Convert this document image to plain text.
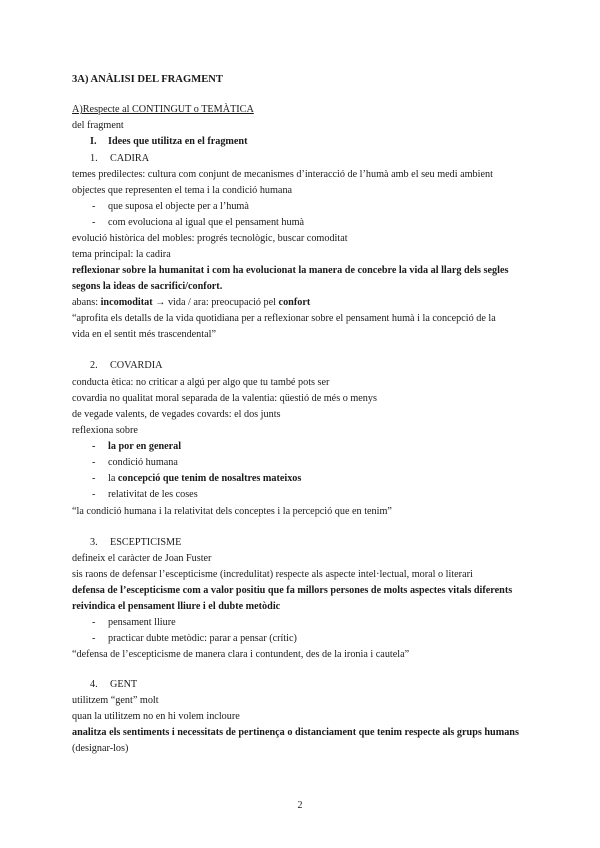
3A) ANÀLISI DEL FRAGMENT
A)Respecte al CONTINGUT o TEMÀTICA
del fragment
I. Idees que utilitza en el fragment
1. CADIRA
temes predilectes: cultura com conjunt de mecanismes d’interacció de l’humà amb el seu medi ambient
objectes que representen el tema i la condició humana
- que suposa el objecte per a l’humà
- com evoluciona al igual que el pensament humà
evolució històrica del mobles: progrés tecnològic, buscar comoditat
tema principal: la cadira
reflexionar sobre la humanitat i com ha evolucionat la manera de concebre la vida al llarg dels segles
segons la ideas de sacrifici/confort.
abans: incomoditat → vida / ara: preocupació pel confort
“aprofita els detalls de la vida quotidiana per a reflexionar sobre el pensament humà i la concepció de la
vida en el sentit més trascendental”
2. COVARDIA
conducta ètica: no criticar a algú per algo que tu també pots ser
covardia no qualitat moral separada de la valentia: qüestió de més o menys
de vegade valents, de vegades covards: el dos junts
reflexiona sobre
- la por en general
- condició humana
- la concepció que tenim de nosaltres mateixos
- relativitat de les coses
“la condició humana i la relativitat dels conceptes i la percepció que en tenim”
3. ESCEPTICISME
defineix el caràcter de Joan Fuster
sis raons de defensar l’escepticisme (incredulitat) respecte als aspecte intel·lectual, moral o literari
defensa de l’escepticisme com a valor positiu que fa millors persones de molts aspectes vitals diferents
reivindica el pensament lliure i el dubte metòdic
- pensament lliure
- practicar dubte metòdic: parar a pensar (crític)
“defensa de l’escepticisme de manera clara i contundent, des de la ironia i cautela”
4. GENT
utilitzem “gent” molt
quan la utilitzem no en hi volem incloure
analitza els sentiments i necessitats de pertinença o distanciament que tenim respecte als grups humans
(designar-los)
2
